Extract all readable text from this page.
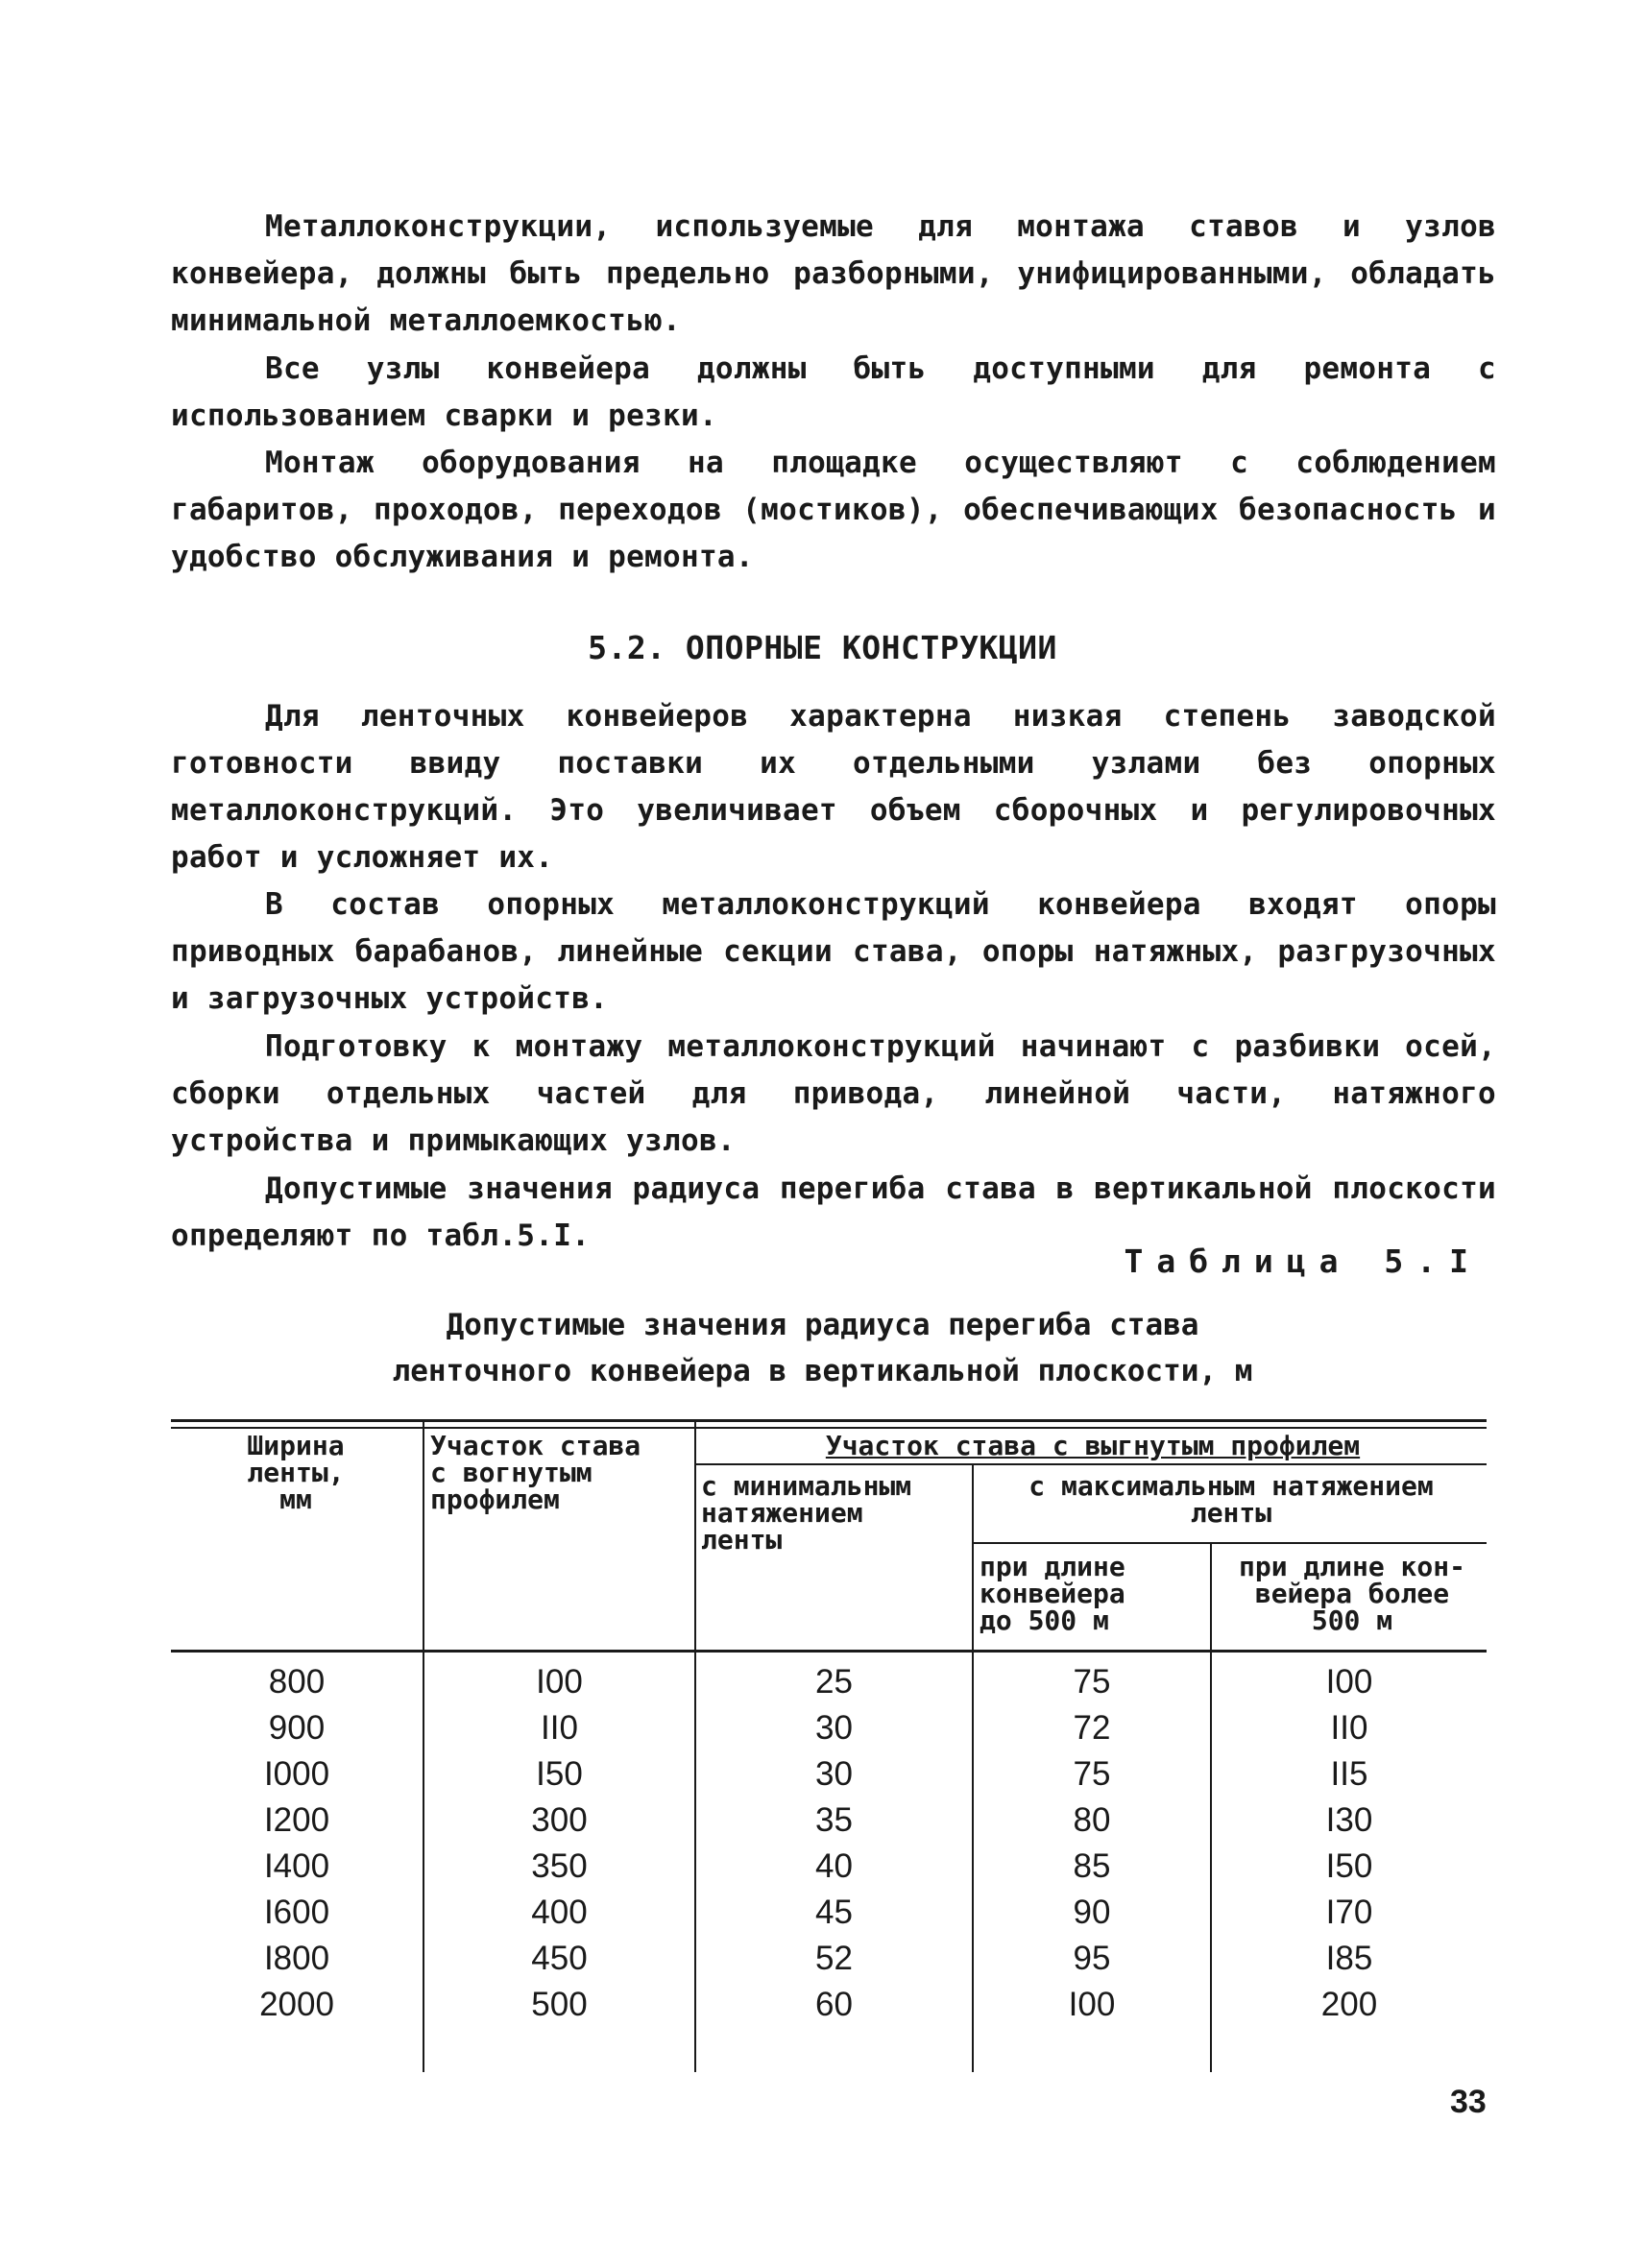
Металлоконструкции, используемые для монтажа ставов и узлов конвейера, должны быть предельно разборными, унифицированными, обладать минимальной металлоемкостью.

Все узлы конвейера должны быть доступными для ремонта с использованием сварки и резки.

Монтаж оборудования на площадке осуществляют с соблюдением габаритов, проходов, переходов (мостиков), обеспечивающих безопасность и удобство обслуживания и ремонта.

5.2. ОПОРНЫЕ КОНСТРУКЦИИ

Для ленточных конвейеров характерна низкая степень заводской готовности ввиду поставки их отдельными узлами без опорных металлоконструкций. Это увеличивает объем сборочных и регулировочных работ и усложняет их.

В состав опорных металлоконструкций конвейера входят опоры приводных барабанов, линейные секции става, опоры натяжных, разгрузочных и загрузочных устройств.

Подготовку к монтажу металлоконструкций начинают с разбивки осей, сборки отдельных частей для привода, линейной части, натяжного устройства и примыкающих узлов.

Допустимые значения радиуса перегиба става в вертикальной плоскости определяют по табл.5.I.

Таблица 5.I

Допустимые значения радиуса перегиба става
ленточного конвейера в вертикальной плоскости, м

Ширина
ленты,
мм
Участок става
с вогнутым
профилем
Участок става с выгнутым профилем
с минимальным
натяжением
ленты
с максимальным натяжением
ленты
при длине
конвейера
до 500 м
при длине кон-
вейера более
500 м
800
900
I000
I200
I400
I600
I800
2000
I00
II0
I50
300
350
400
450
500
25
30
30
35
40
45
52
60
75
72
75
80
85
90
95
I00
I00
II0
II5
I30
I50
I70
I85
200
33
